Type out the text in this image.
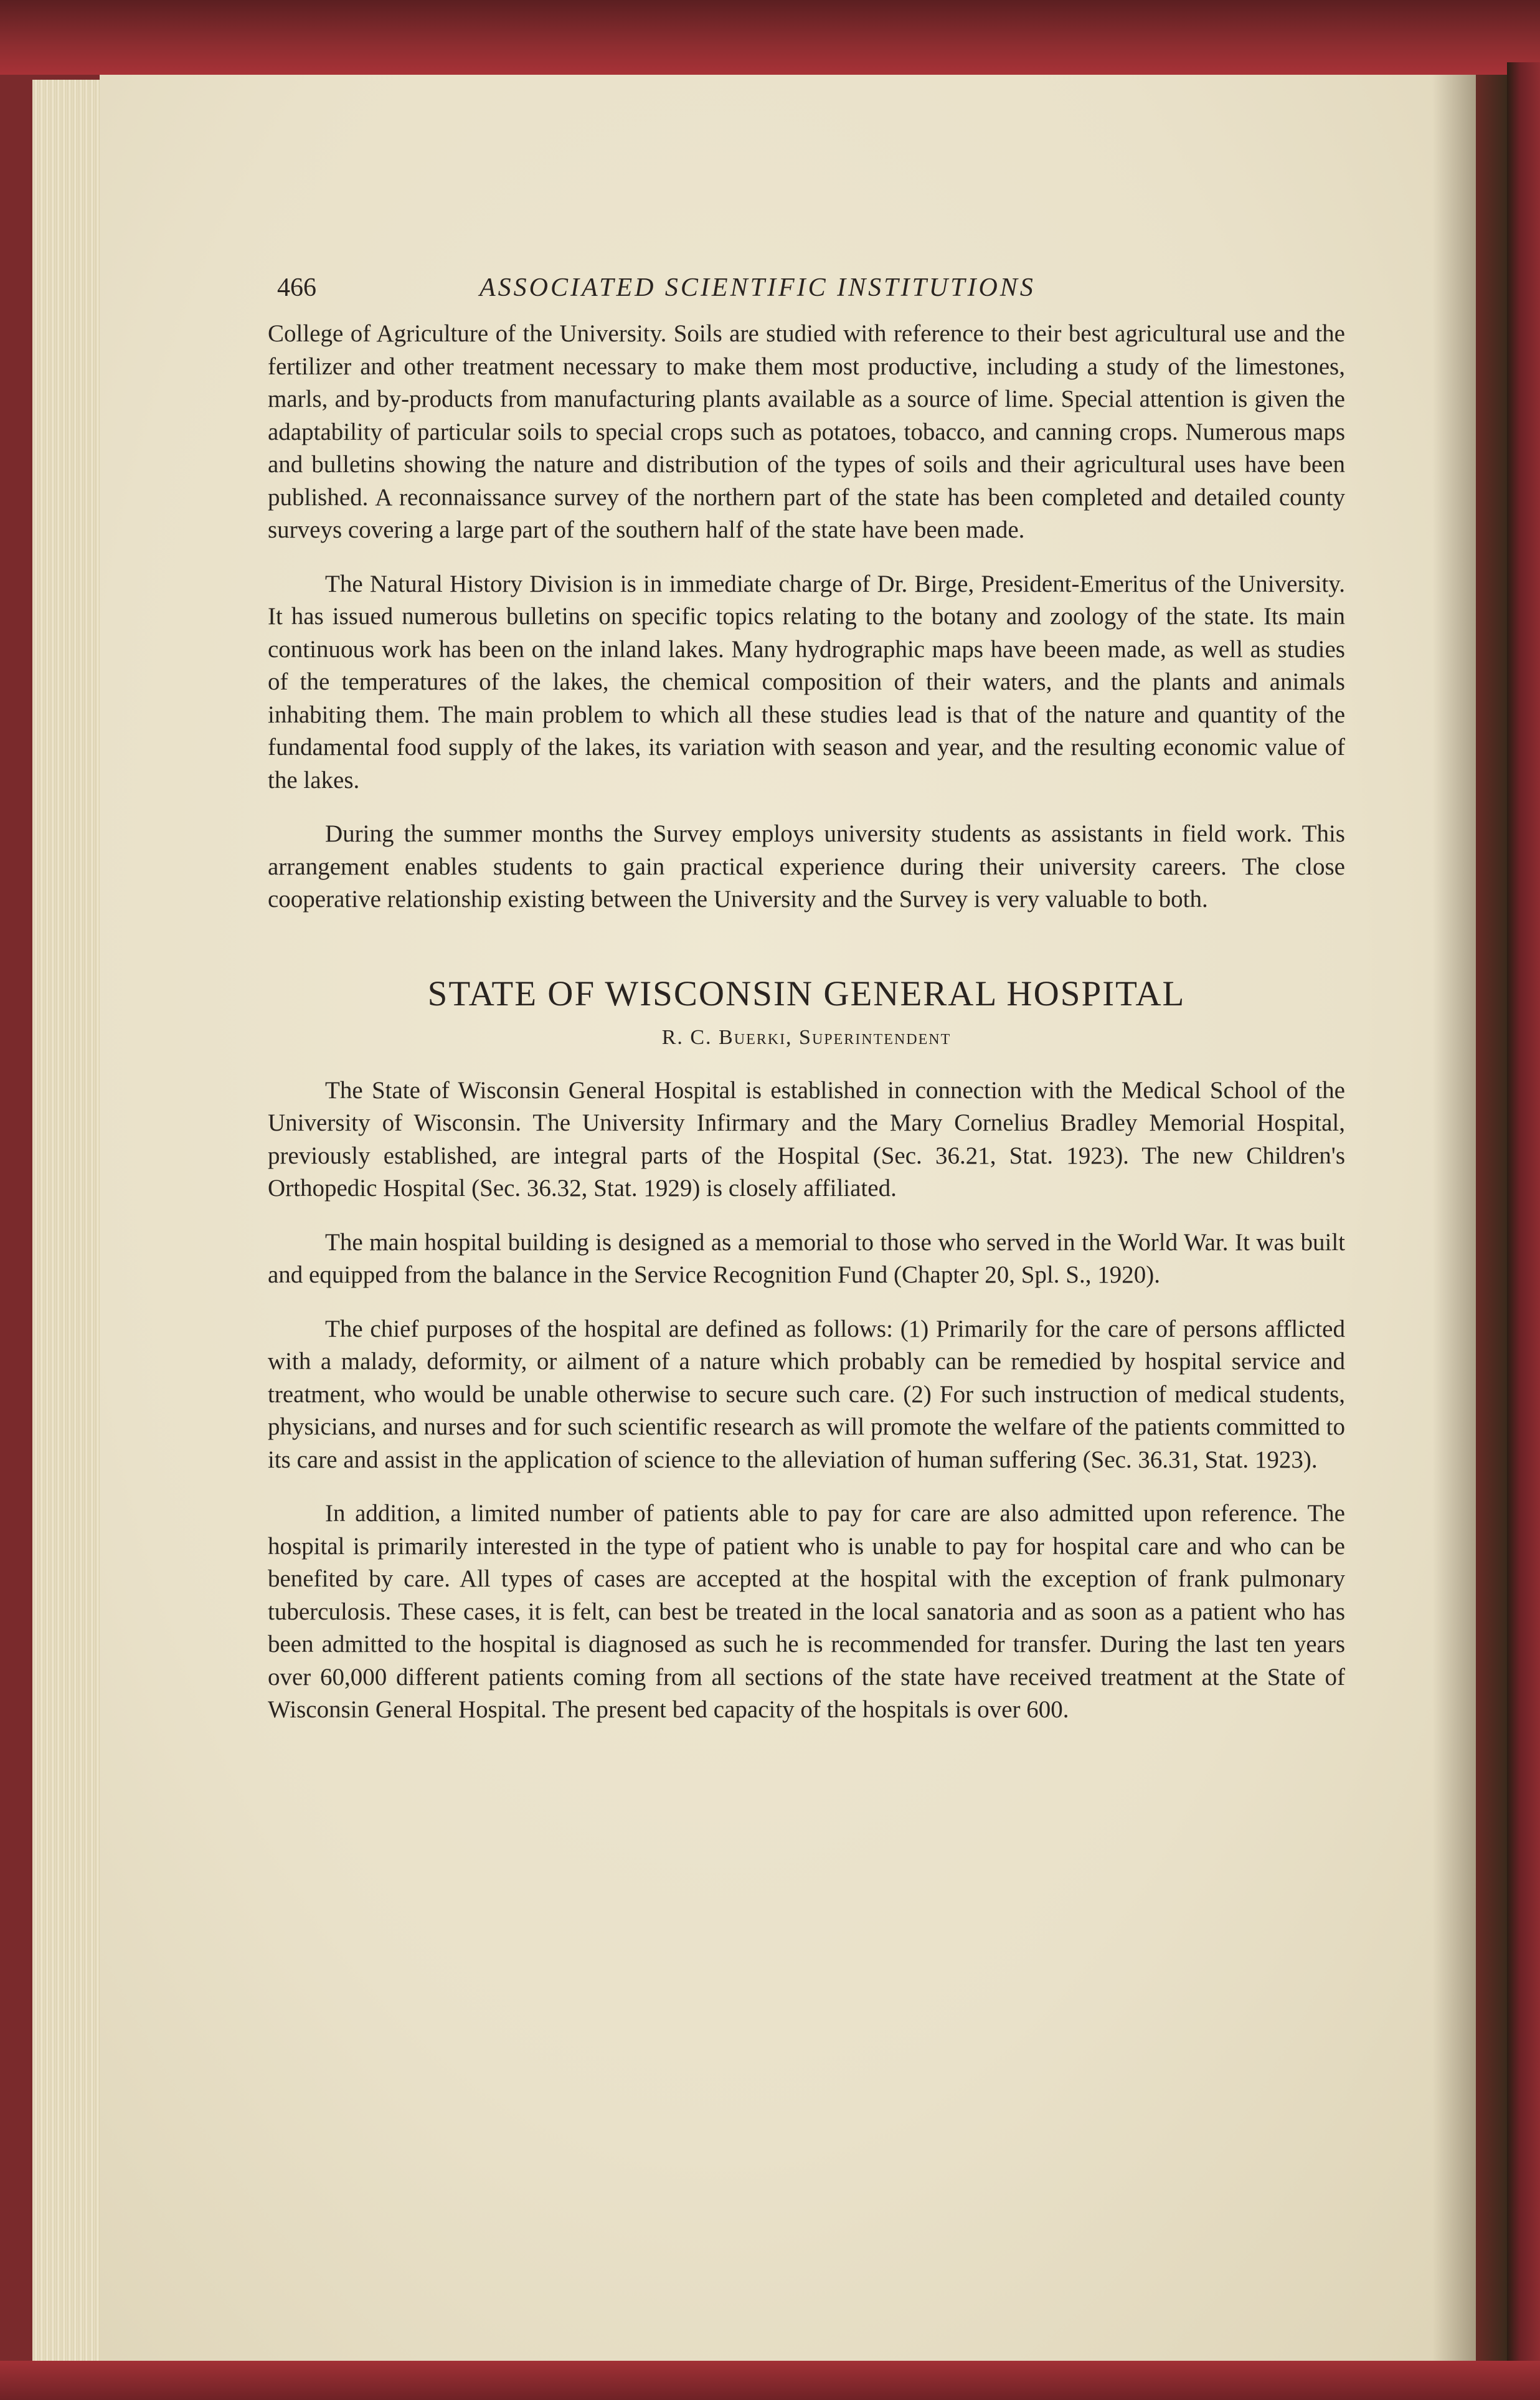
466	ASSOCIATED SCIENTIFIC INSTITUTIONS

College of Agriculture of the University. Soils are studied with reference to their best agricultural use and the fertilizer and other treatment necessary to make them most productive, including a study of the limestones, marls, and by-products from manufacturing plants available as a source of lime. Special attention is given the adaptability of particular soils to special crops such as potatoes, tobacco, and canning crops. Numerous maps and bulletins showing the nature and distribution of the types of soils and their agricultural uses have been published. A reconnaissance survey of the northern part of the state has been completed and detailed county surveys covering a large part of the southern half of the state have been made.

The Natural History Division is in immediate charge of Dr. Birge, President-Emeritus of the University. It has issued numerous bulletins on specific topics relating to the botany and zoology of the state. Its main continuous work has been on the inland lakes. Many hydrographic maps have beeen made, as well as studies of the temperatures of the lakes, the chemical composition of their waters, and the plants and animals inhabiting them. The main problem to which all these studies lead is that of the nature and quantity of the fundamental food supply of the lakes, its variation with season and year, and the resulting economic value of the lakes.

During the summer months the Survey employs university students as assistants in field work. This arrangement enables students to gain practical experience during their university careers. The close cooperative relationship existing between the University and the Survey is very valuable to both.

STATE OF WISCONSIN GENERAL HOSPITAL
R. C. Buerki, Superintendent

The State of Wisconsin General Hospital is established in connection with the Medical School of the University of Wisconsin. The University Infirmary and the Mary Cornelius Bradley Memorial Hospital, previously established, are integral parts of the Hospital (Sec. 36.21, Stat. 1923). The new Children's Orthopedic Hospital (Sec. 36.32, Stat. 1929) is closely affiliated.

The main hospital building is designed as a memorial to those who served in the World War. It was built and equipped from the balance in the Service Recognition Fund (Chapter 20, Spl. S., 1920).

The chief purposes of the hospital are defined as follows: (1) Primarily for the care of persons afflicted with a malady, deformity, or ailment of a nature which probably can be remedied by hospital service and treatment, who would be unable otherwise to secure such care. (2) For such instruction of medical students, physicians, and nurses and for such scientific research as will promote the welfare of the patients committed to its care and assist in the application of science to the alleviation of human suffering (Sec. 36.31, Stat. 1923).

In addition, a limited number of patients able to pay for care are also admitted upon reference. The hospital is primarily interested in the type of patient who is unable to pay for hospital care and who can be benefited by care. All types of cases are accepted at the hospital with the exception of frank pulmonary tuberculosis. These cases, it is felt, can best be treated in the local sanatoria and as soon as a patient who has been admitted to the hospital is diagnosed as such he is recommended for transfer. During the last ten years over 60,000 different patients coming from all sections of the state have received treatment at the State of Wisconsin General Hospital. The present bed capacity of the hospitals is over 600.
